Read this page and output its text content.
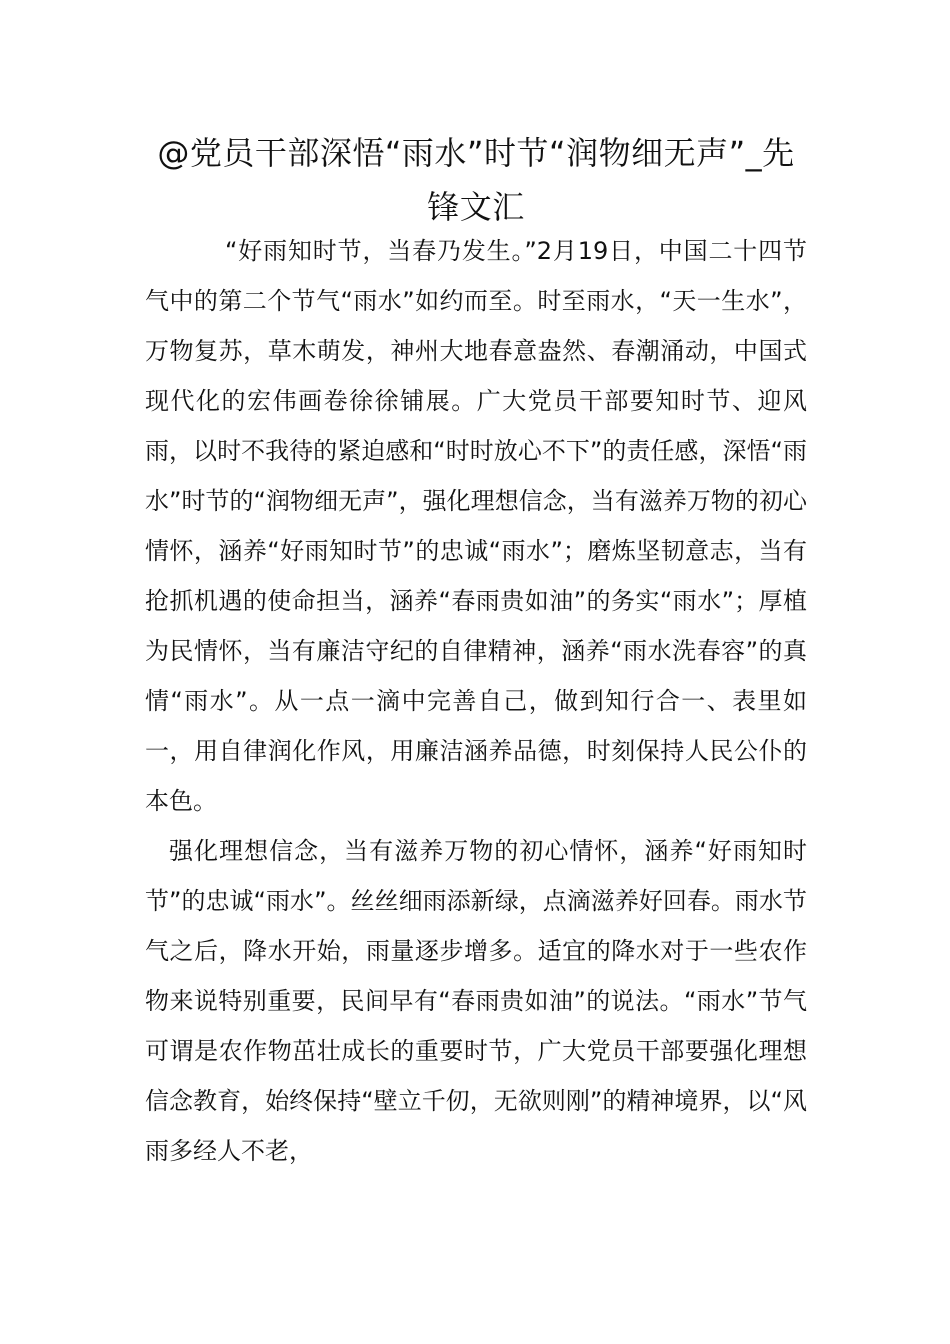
@党员干部深悟“雨水”时节“润物细无声”_先锋文汇

“好雨知时节，当春乃发生。”2月19日，中国二十四节气中的第二个节气“雨水”如约而至。时至雨水，“天一生水”，万物复苏，草木萌发，神州大地春意盎然、春潮涌动，中国式现代化的宏伟画卷徐徐铺展。广大党员干部要知时节、迎风雨，以时不我待的紧迫感和“时时放心不下”的责任感，深悟“雨水”时节的“润物细无声”，强化理想信念，当有滋养万物的初心情怀，涵养“好雨知时节”的忠诚“雨水”；磨炼坚韧意志，当有抢抓机遇的使命担当，涵养“春雨贵如油”的务实“雨水”；厚植为民情怀，当有廉洁守纪的自律精神，涵养“雨水洗春容”的真情“雨水”。从一点一滴中完善自己，做到知行合一、表里如一，用自律润化作风，用廉洁涵养品德，时刻保持人民公仆的本色。

强化理想信念，当有滋养万物的初心情怀，涵养“好雨知时节”的忠诚“雨水”。丝丝细雨添新绿，点滴滋养好回春。雨水节气之后，降水开始，雨量逐步增多。适宜的降水对于一些农作物来说特别重要，民间早有“春雨贵如油”的说法。“雨水”节气可谓是农作物茁壮成长的重要时节，广大党员干部要强化理想信念教育，始终保持“壁立千仞，无欲则刚”的精神境界，以“风雨多经人不老，
